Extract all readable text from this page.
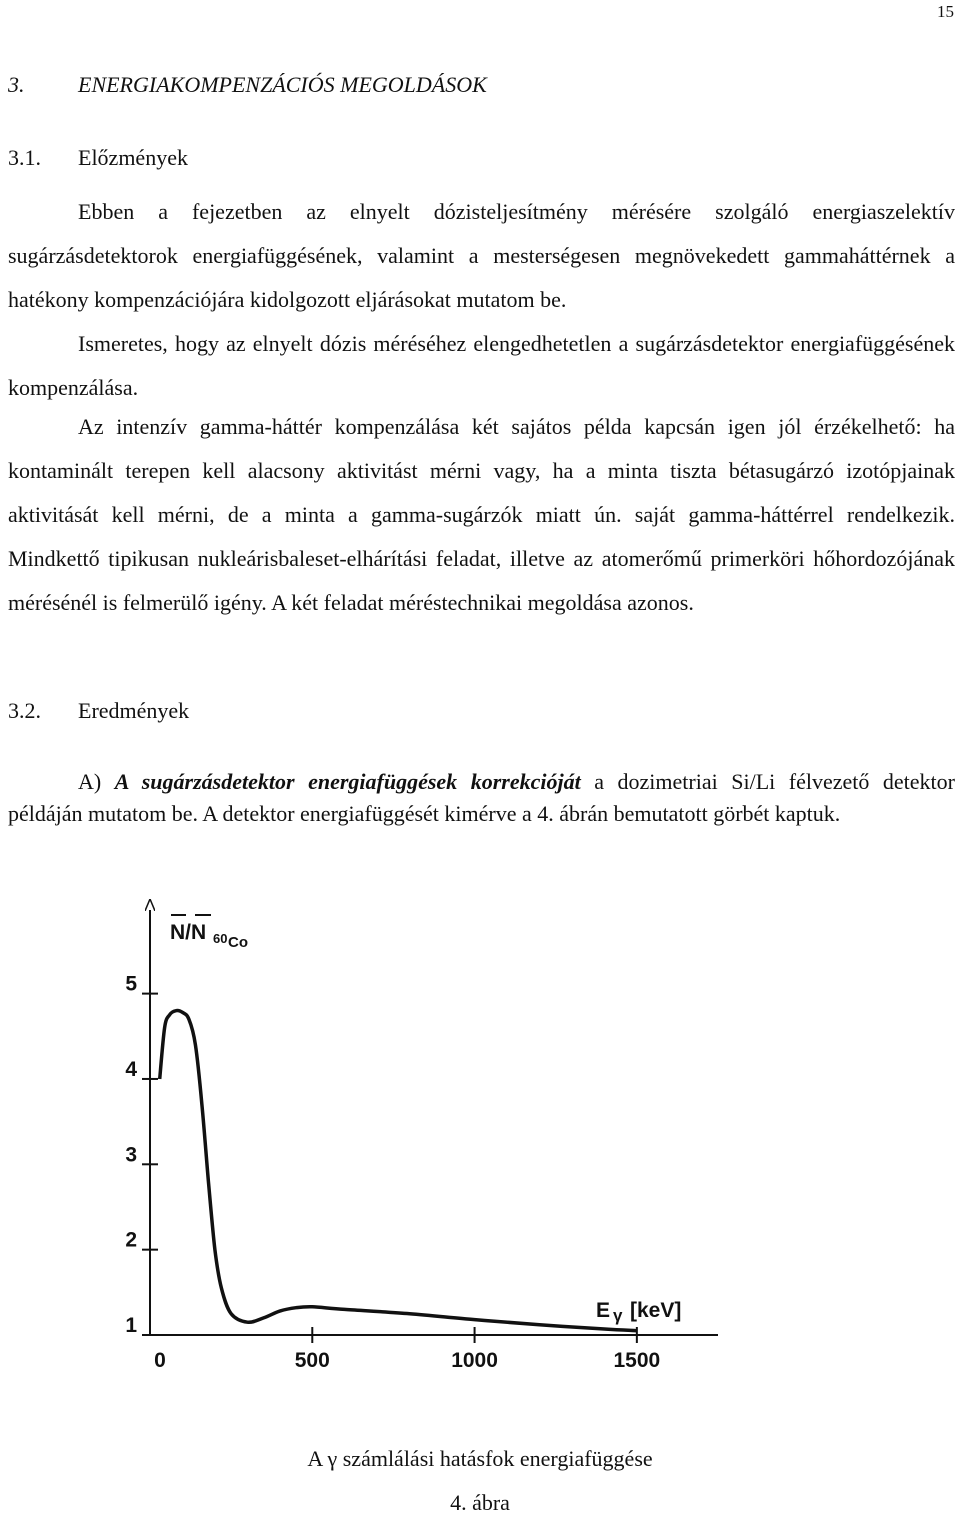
15
3. ENERGIAKOMPENZÁCIÓS MEGOLDÁSOK
3.1. Előzmények
Ebben a fejezetben az elnyelt dózisteljesítmény mérésére szolgáló energiaszelektív sugárzásdetektorok energiafüggésének, valamint a mesterségesen megnövekedett gammaháttérnek a hatékony kompenzációjára kidolgozott eljárásokat mutatom be.
Ismeretes, hogy az elnyelt dózis méréséhez elengedhetetlen a sugárzásdetektor energiafüggésének kompenzálása.
Az intenzív gamma-háttér kompenzálása két sajátos példa kapcsán igen jól érzékelhető: ha kontaminált terepen kell alacsony aktivitást mérni vagy, ha a minta tiszta bétasugárzó izotópjainak aktivitását kell mérni, de a minta a gamma-sugárzók miatt ún. saját gamma-háttérrel rendelkezik. Mindkettő tipikusan nukleárisbaleset-elhárítási feladat, illetve az atomerőmű primerköri hőhordozójának mérésénél is felmerülő igény. A két feladat méréstechnikai megoldása azonos.
3.2. Eredmények
A) A sugárzásdetektor energiafüggések korrekcióját a dozimetriai Si/Li félvezető detektor példáján mutatom be. A detektor energiafüggését kimérve a 4. ábrán bemutatott görbét kaptuk.
1
2
3
4
5
0	500	1000	1500
N/N 60 Co
E γ [keV]
A γ számlálási hatásfok energiafüggése
4. ábra
